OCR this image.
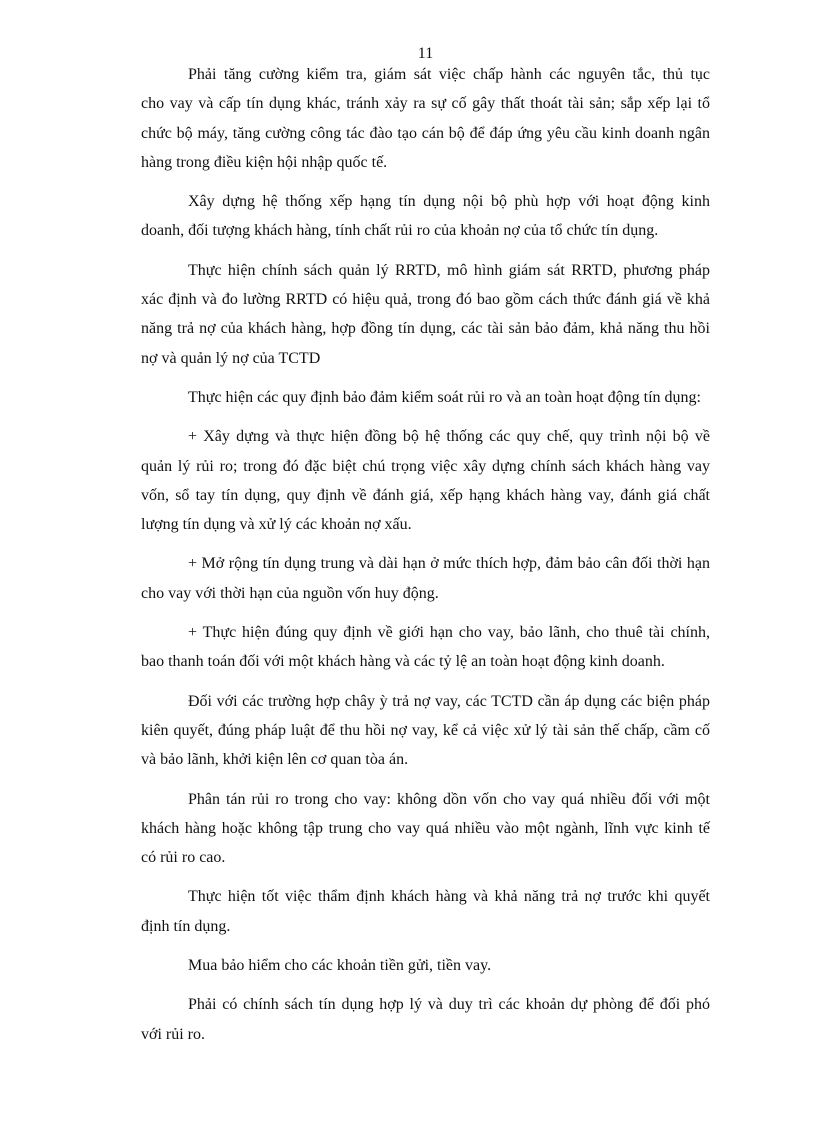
11
Phải tăng cường kiểm tra, giám sát việc chấp hành các nguyên tắc, thủ tục
cho vay và cấp tín dụng khác, tránh xảy ra sự cố gây thất thoát tài sản; sắp xếp lại tổ
chức bộ máy, tăng cường công tác đào tạo cán bộ để đáp ứng yêu cầu kinh doanh ngân
hàng trong điều kiện hội nhập quốc tế.
Xây dựng hệ thống xếp hạng tín dụng nội bộ phù hợp với hoạt động kinh
doanh, đối tượng khách hàng, tính chất rủi ro của khoản nợ của tổ chức tín dụng.
Thực hiện chính sách quản lý RRTD, mô hình giám sát RRTD, phương pháp
xác định và đo lường RRTD có hiệu quả, trong đó bao gồm cách thức đánh giá về khả
năng trả nợ của khách hàng, hợp đồng tín dụng, các tài sản bảo đảm, khả năng thu hồi
nợ và quản lý nợ của TCTD
Thực hiện các quy định bảo đảm kiểm soát rủi ro và an toàn hoạt động tín dụng:
+ Xây dựng và thực hiện đồng bộ hệ thống các quy chế, quy trình nội bộ về
quản lý rủi ro; trong đó đặc biệt chú trọng việc xây dựng chính sách khách hàng vay
vốn, sổ tay tín dụng, quy định về đánh giá, xếp hạng khách hàng vay, đánh giá chất
lượng tín dụng và xử lý các khoản nợ xấu.
+ Mở rộng tín dụng trung và dài hạn ở mức thích hợp, đảm bảo cân đối thời hạn
cho vay với thời hạn của nguồn vốn huy động.
+ Thực hiện đúng quy định về giới hạn cho vay, bảo lãnh, cho thuê tài chính,
bao thanh toán đối với một khách hàng và các tỷ lệ an toàn hoạt động kinh doanh.
Đối với các trường hợp chây ỳ trả nợ vay, các TCTD cần áp dụng các biện pháp
kiên quyết, đúng pháp luật để thu hồi nợ vay, kể cả việc xử lý tài sản thế chấp, cầm cố
và bảo lãnh, khởi kiện lên cơ quan tòa án.
Phân tán rủi ro trong cho vay: không dồn vốn cho vay quá nhiều đối với một
khách hàng hoặc không tập trung cho vay quá nhiều vào một ngành, lĩnh vực kinh tế
có rủi ro cao.
Thực hiện tốt việc thẩm định khách hàng và khả năng trả nợ trước khi quyết
định tín dụng.
Mua bảo hiểm cho các khoản tiền gửi, tiền vay.
Phải có chính sách tín dụng hợp lý và duy trì các khoản dự phòng để đối phó
với rủi ro.
